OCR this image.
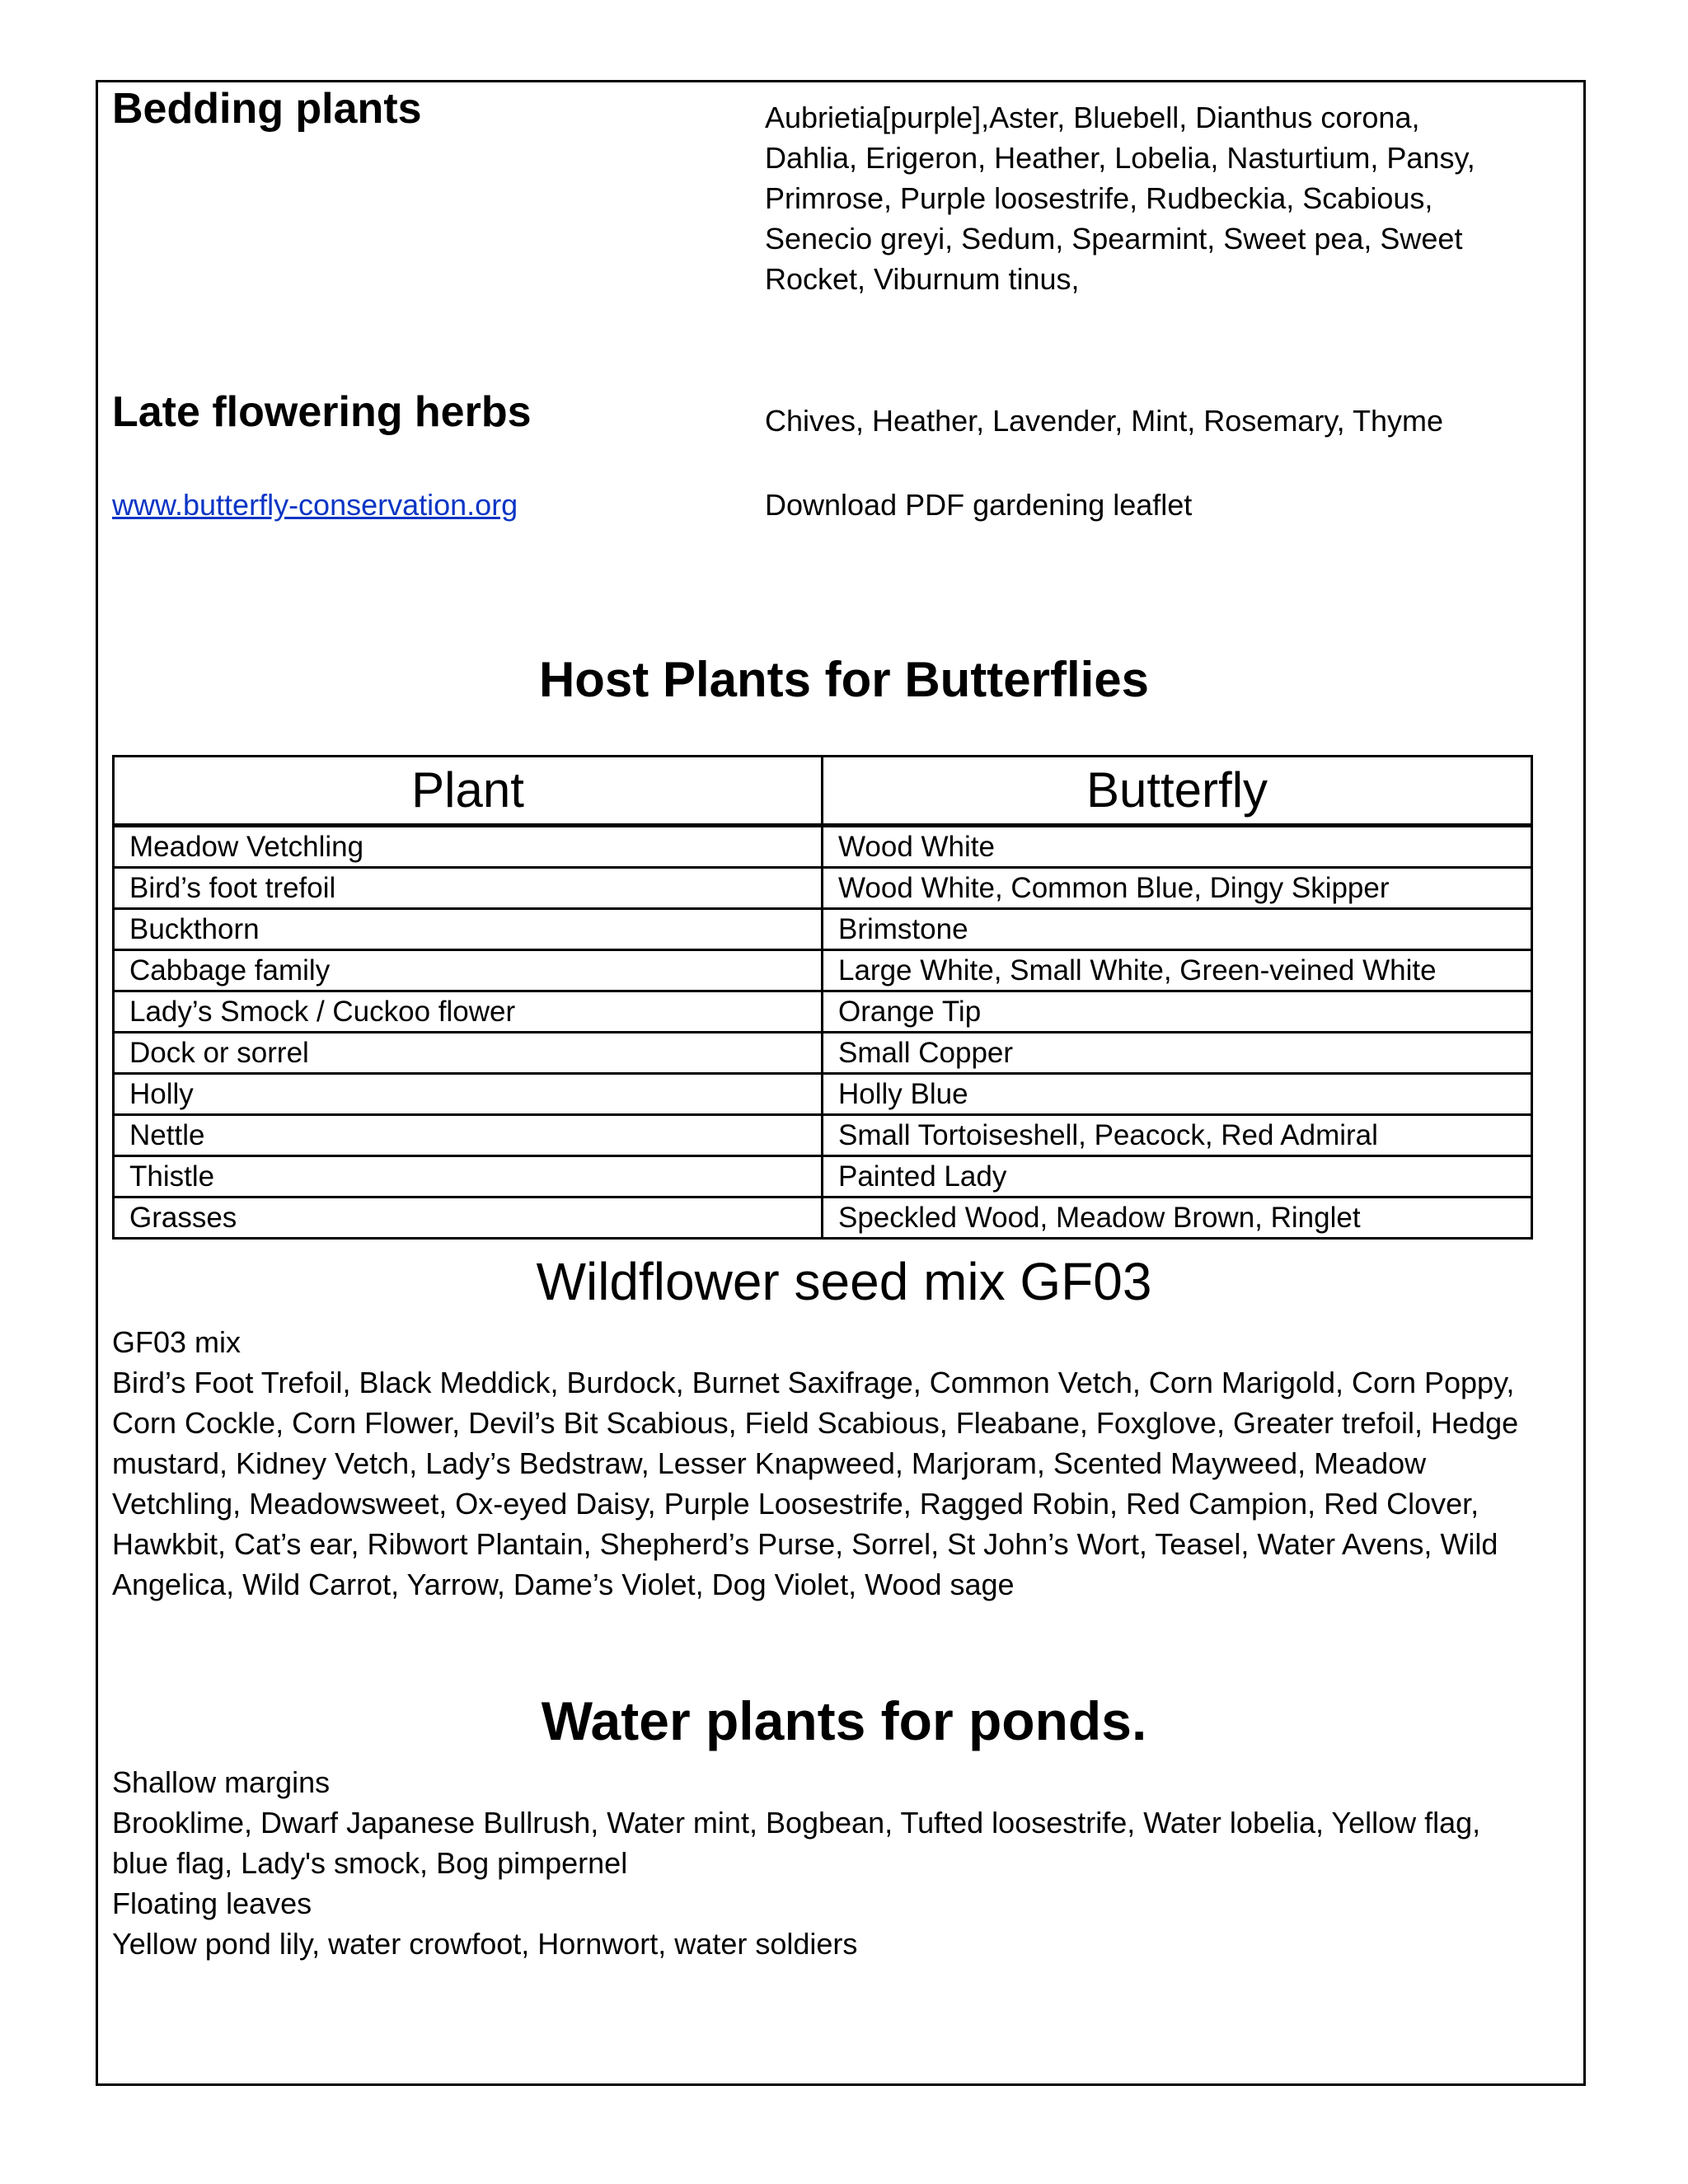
Bedding plants	Aubrietia[purple],Aster, Bluebell, Dianthus corona,
Dahlia, Erigeron, Heather, Lobelia, Nasturtium, Pansy,
Primrose, Purple loosestrife, Rudbeckia, Scabious,
Senecio greyi, Sedum, Spearmint, Sweet pea, Sweet
Rocket, Viburnum tinus,
Late flowering herbs	Chives, Heather, Lavender, Mint, Rosemary, Thyme
www.butterfly-conservation.org	Download PDF gardening leaflet
Host Plants for Butterflies
Plant	Butterfly
Meadow Vetchling	Wood White
Bird’s foot trefoil	Wood White, Common Blue, Dingy Skipper
Buckthorn	Brimstone
Cabbage family	Large White, Small White, Green-veined White
Lady’s Smock / Cuckoo flower	Orange Tip
Dock or sorrel	Small Copper
Holly	Holly Blue
Nettle	Small Tortoiseshell, Peacock, Red Admiral
Thistle	Painted Lady
Grasses	Speckled Wood, Meadow Brown, Ringlet
Wildflower seed mix GF03
GF03 mix
Bird’s Foot Trefoil, Black Meddick, Burdock, Burnet Saxifrage, Common Vetch, Corn Marigold, Corn Poppy,
Corn Cockle, Corn Flower, Devil’s Bit Scabious, Field Scabious, Fleabane, Foxglove, Greater trefoil, Hedge
mustard, Kidney Vetch, Lady’s Bedstraw, Lesser Knapweed, Marjoram, Scented Mayweed, Meadow
Vetchling, Meadowsweet, Ox-eyed Daisy, Purple Loosestrife, Ragged Robin, Red Campion, Red Clover,
Hawkbit, Cat’s ear, Ribwort Plantain, Shepherd’s Purse, Sorrel, St John’s Wort, Teasel, Water Avens, Wild
Angelica, Wild Carrot, Yarrow, Dame’s Violet, Dog Violet, Wood sage
Water plants for ponds.
Shallow margins
Brooklime, Dwarf Japanese Bullrush, Water mint, Bogbean, Tufted loosestrife, Water lobelia, Yellow flag,
blue flag, Lady's smock, Bog pimpernel
Floating leaves
Yellow pond lily, water crowfoot, Hornwort, water soldiers
